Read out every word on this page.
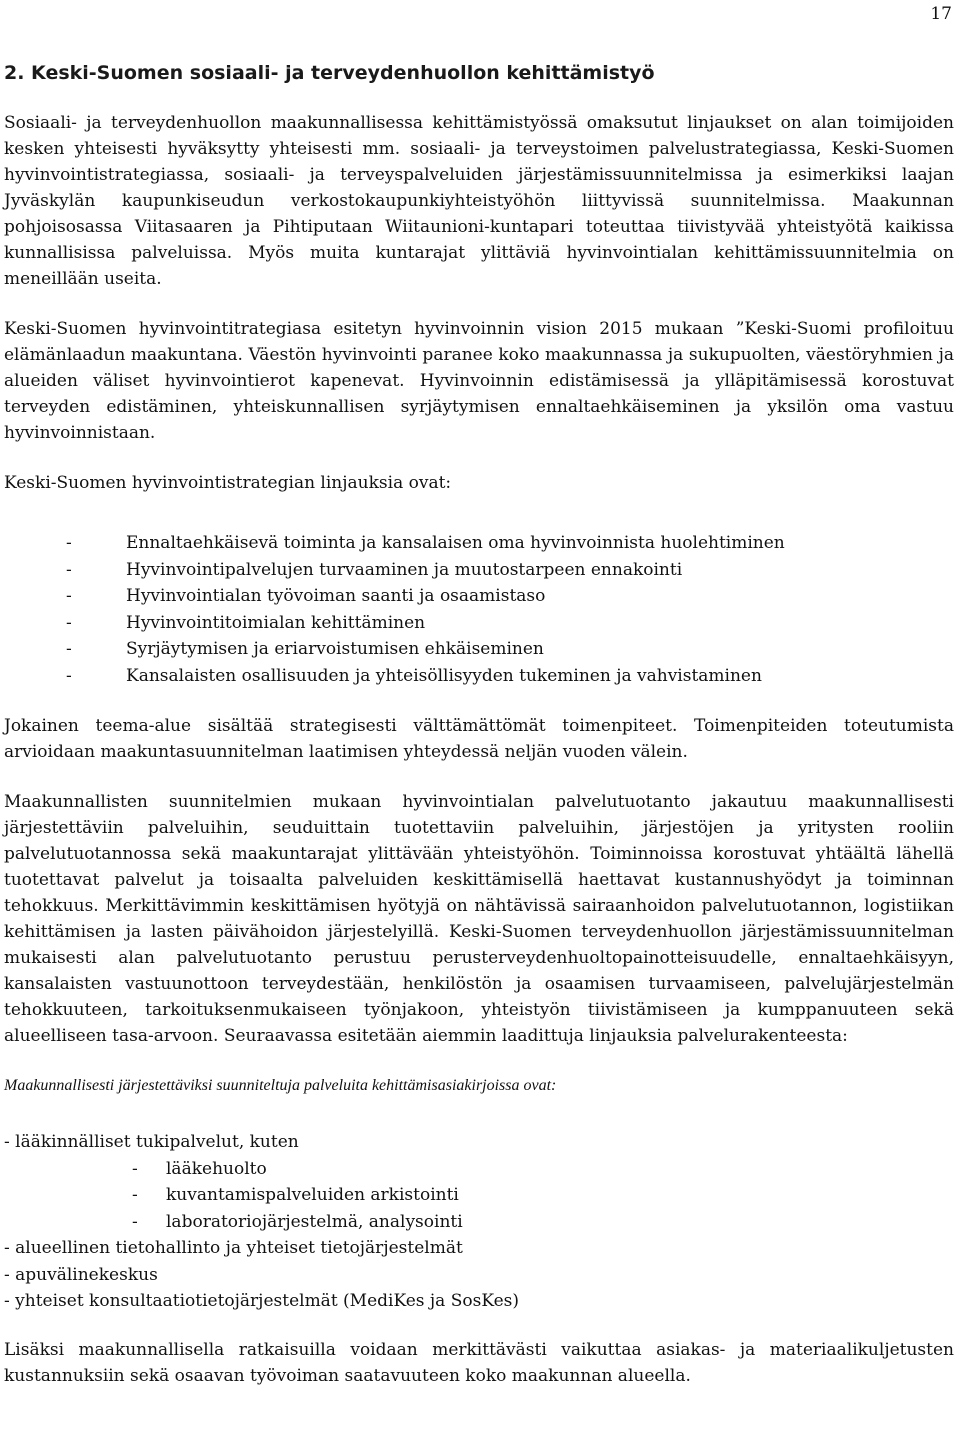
17
2. Keski-Suomen sosiaali- ja terveydenhuollon kehittämistyö

Sosiaali- ja terveydenhuollon maakunnallisessa kehittämistyössä omaksutut linjaukset on alan toimijoiden kesken yhteisesti hyväksytty yhteisesti mm. sosiaali- ja terveystoimen palvelustrategiassa, Keski-Suomen hyvinvointistrategiassa, sosiaali- ja terveyspalveluiden järjestämissuunnitelmissa ja esimerkiksi laajan Jyväskylän kaupunkiseudun verkostokaupunkiyhteistyöhön liittyvissä suunnitelmissa. Maakunnan pohjoisosassa Viitasaaren ja Pihtiputaan Wiitaunioni-kuntapari toteuttaa tiivistyvää yhteistyötä kaikissa kunnallisissa palveluissa. Myös muita kuntarajat ylittäviä hyvinvointialan kehittämissuunnitelmia on meneillään useita.

Keski-Suomen hyvinvointitrategiasa esitetyn hyvinvoinnin vision 2015 mukaan ”Keski-Suomi profiloituu elämänlaadun maakuntana. Väestön hyvinvointi paranee koko maakunnassa ja sukupuolten, väestöryhmien ja alueiden väliset hyvinvointierot kapenevat. Hyvinvoinnin edistämisessä ja ylläpitämisessä korostuvat terveyden edistäminen, yhteiskunnallisen syrjäytymisen ennaltaehkäiseminen ja yksilön oma vastuu hyvinvoinnistaan.

Keski-Suomen hyvinvointistrategian linjauksia ovat:

-	Ennaltaehkäisevä toiminta ja kansalaisen oma hyvinvoinnista huolehtiminen
-	Hyvinvointipalvelujen turvaaminen ja muutostarpeen ennakointi
-	Hyvinvointialan työvoiman saanti ja osaamistaso
-	Hyvinvointitoimialan kehittäminen
-	Syrjäytymisen ja eriarvoistumisen ehkäiseminen
-	Kansalaisten osallisuuden ja yhteisöllisyyden tukeminen ja vahvistaminen

Jokainen teema-alue sisältää strategisesti välttämättömät toimenpiteet. Toimenpiteiden toteutumista arvioidaan maakuntasuunnitelman laatimisen yhteydessä neljän vuoden välein.

Maakunnallisten suunnitelmien mukaan hyvinvointialan palvelutuotanto jakautuu maakunnallisesti järjestettäviin palveluihin, seuduittain tuotettaviin palveluihin, järjestöjen ja yritysten rooliin palvelutuotannossa sekä maakuntarajat ylittävään yhteistyöhön. Toiminnoissa korostuvat yhtäältä lähellä tuotettavat palvelut ja toisaalta palveluiden keskittämisellä haettavat kustannushyödyt ja toiminnan tehokkuus. Merkittävimmin keskittämisen hyötyjä on nähtävissä sairaanhoidon palvelutuotannon, logistiikan kehittämisen ja lasten päivähoidon järjestelyillä. Keski-Suomen terveydenhuollon järjestämissuunnitelman mukaisesti alan palvelutuotanto perustuu perusterveydenhuoltopainotteisuudelle, ennaltaehkäisyyn, kansalaisten vastuunottoon terveydestään, henkilöstön ja osaamisen turvaamiseen, palvelujärjestelmän tehokkuuteen, tarkoituksenmukaiseen työnjakoon, yhteistyön tiivistämiseen ja kumppanuuteen sekä alueelliseen tasa-arvoon. Seuraavassa esitetään aiemmin laadittuja linjauksia palvelurakenteesta:

Maakunnallisesti järjestettäviksi suunniteltuja palveluita kehittämisasiakirjoissa ovat:

- lääkinnälliset tukipalvelut, kuten
- lääkehuolto
- kuvantamispalveluiden arkistointi
- laboratoriojärjestelmä, analysointi
- alueellinen tietohallinto ja yhteiset tietojärjestelmät
- apuvälinekeskus
- yhteiset konsultaatiotietojärjestelmät (MediKes ja SosKes)

Lisäksi maakunnallisella ratkaisuilla voidaan merkittävästi vaikuttaa asiakas- ja materiaalikuljetusten kustannuksiin sekä osaavan työvoiman saatavuuteen koko maakunnan alueella.
